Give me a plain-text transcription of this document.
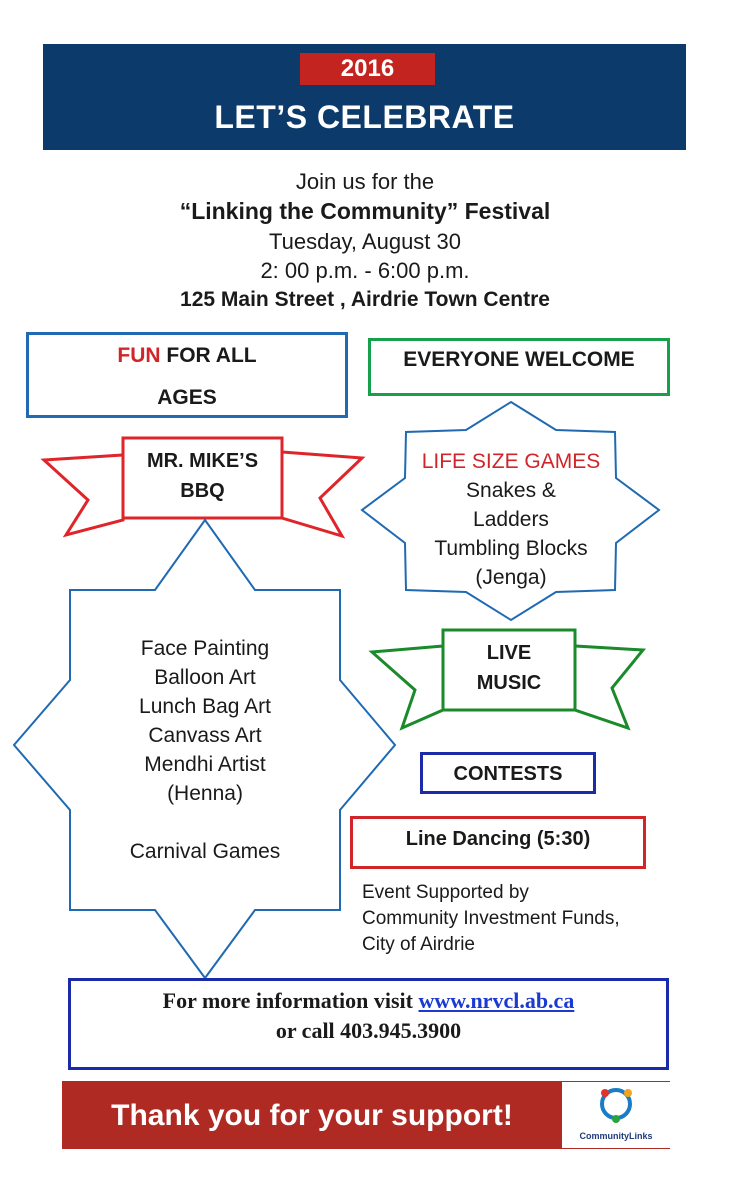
2016
LET’S CELEBRATE
Join us for the
“Linking the Community” Festival
Tuesday, August 30
2: 00 p.m. - 6:00 p.m.
125 Main Street , Airdrie Town Centre
FUN FOR ALL
AGES
EVERYONE WELCOME
MR. MIKE’S
BBQ
LIFE SIZE GAMES
Snakes &
Ladders
Tumbling Blocks
(Jenga)
Face Painting
Balloon Art
Lunch Bag Art
Canvass Art
Mendhi Artist
(Henna)
Carnival Games
LIVE
MUSIC
CONTESTS
Line Dancing (5:30)
Event Supported by
Community Investment Funds,
City of Airdrie
For more information visit www.nrvcl.ab.ca
or call 403.945.3900
Thank you for your support!
CommunityLinks
